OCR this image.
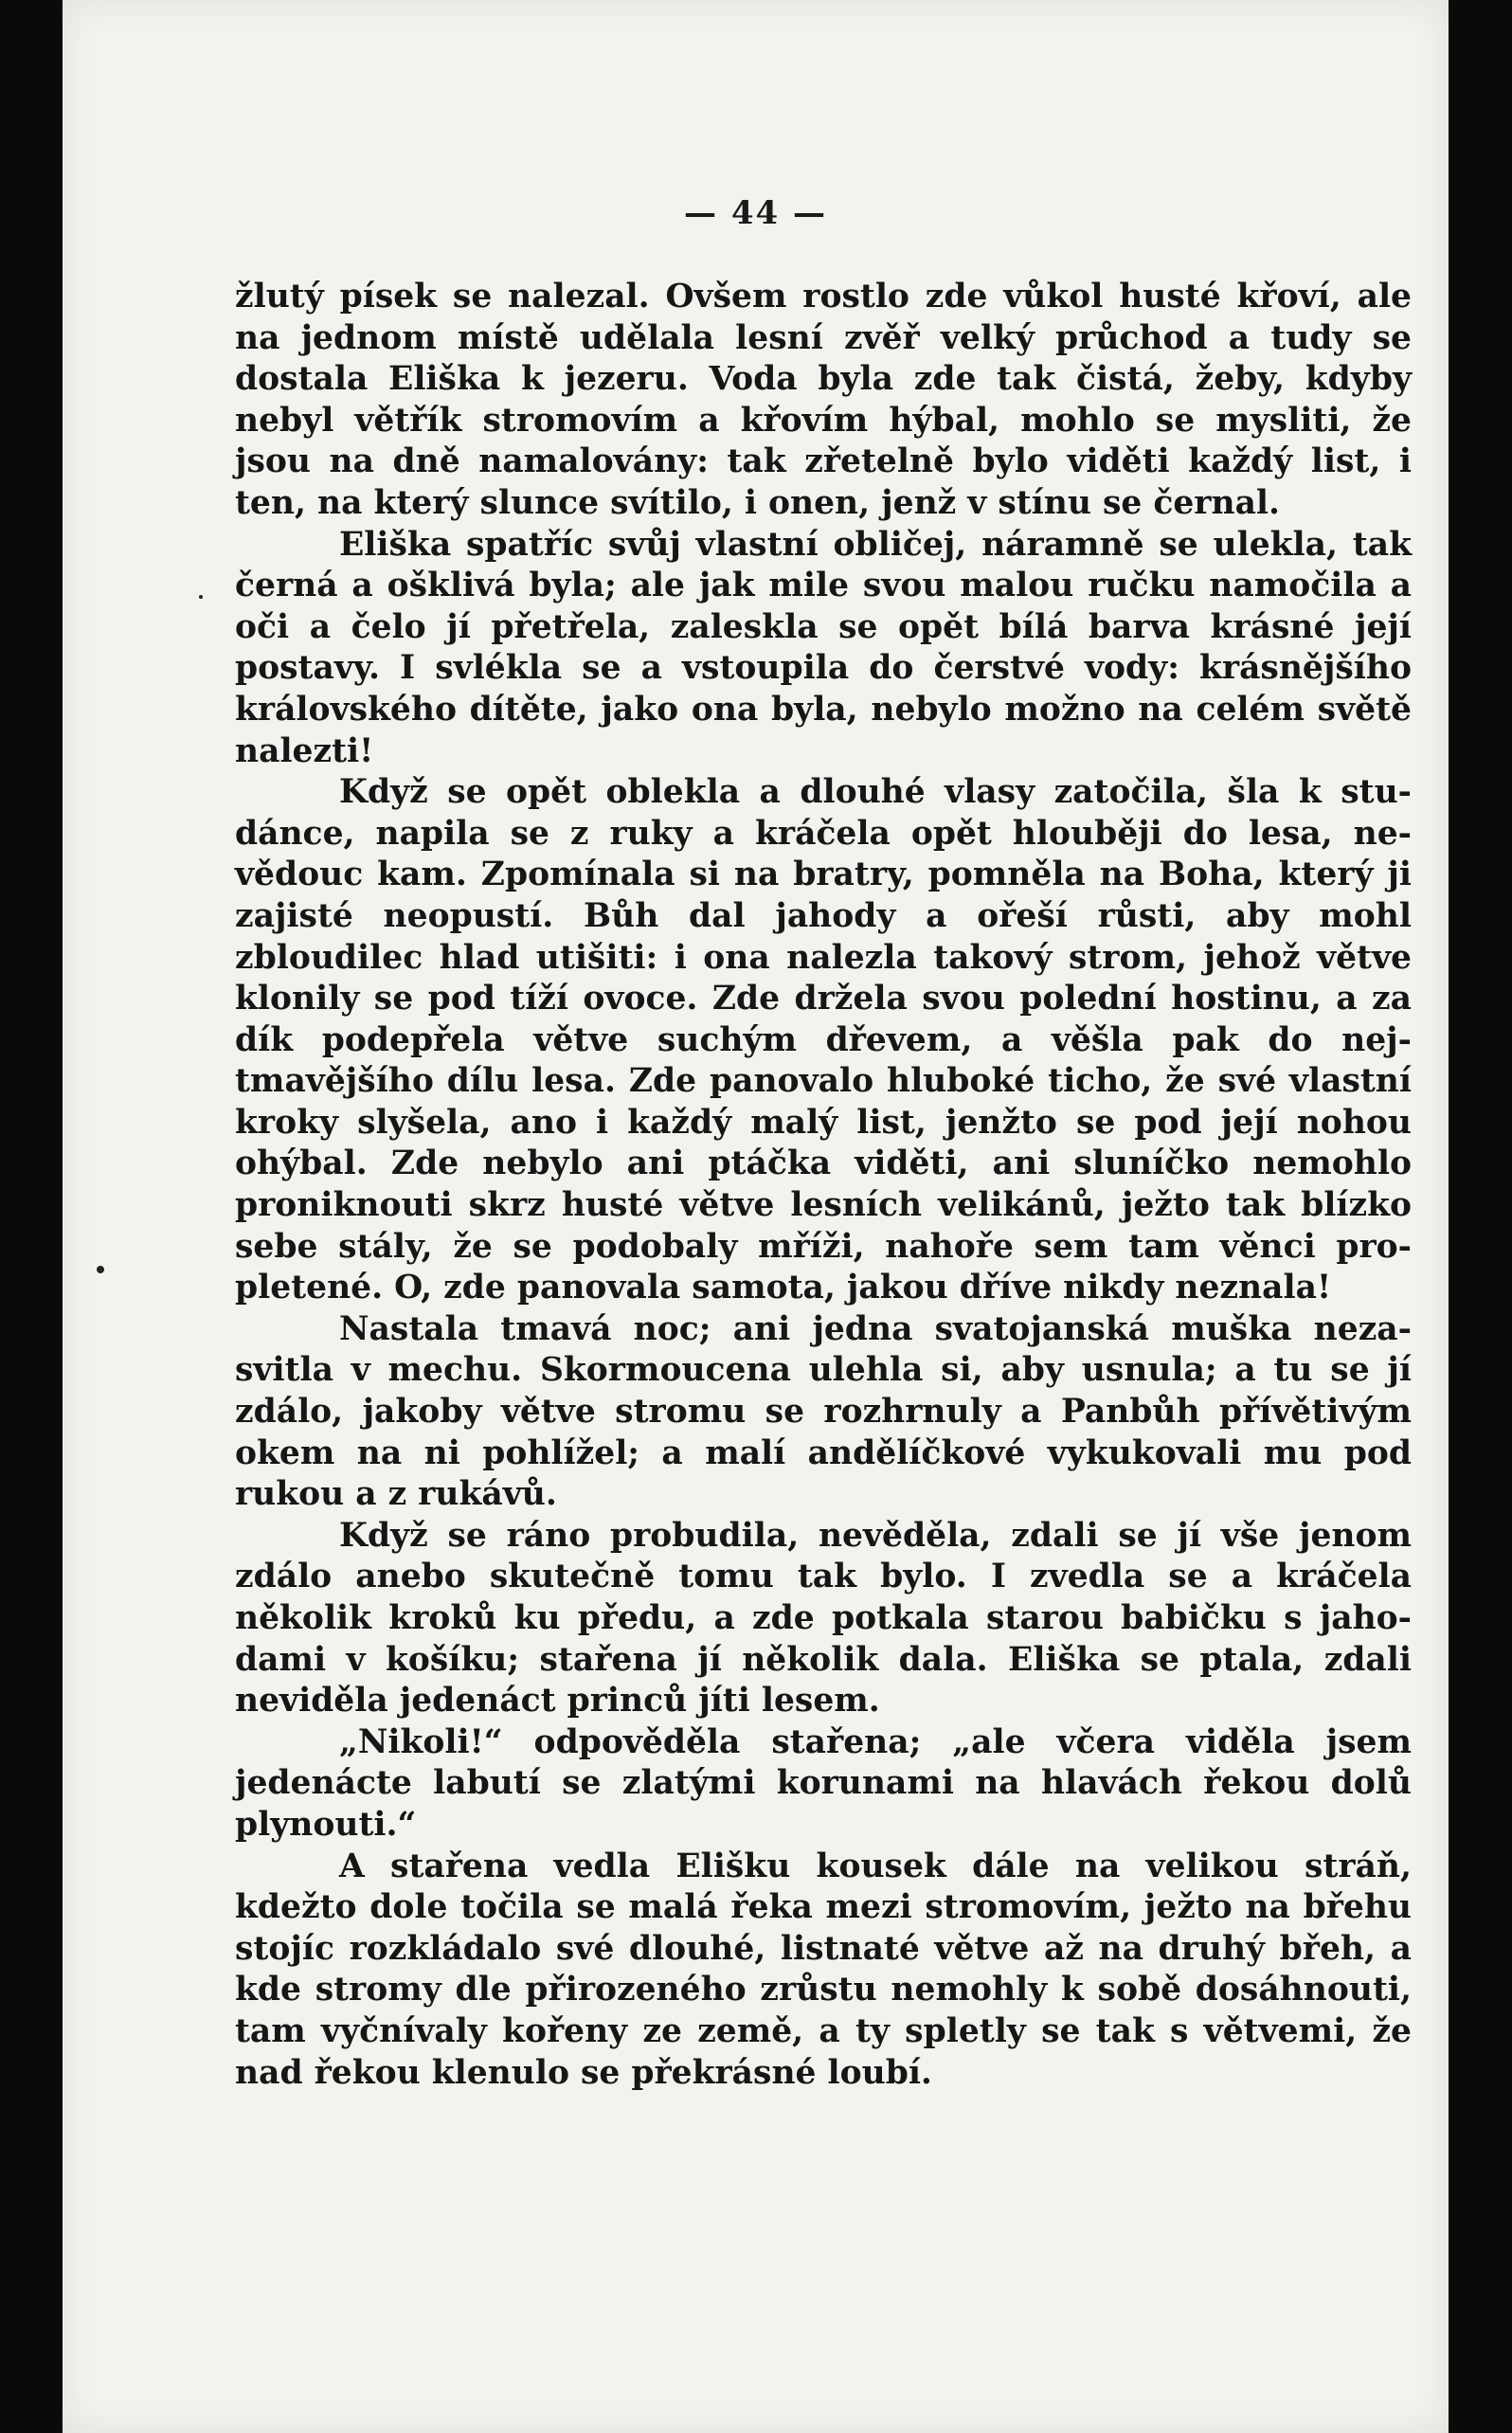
— 44 —

žlutý písek se nalezal. Ovšem rostlo zde vůkol husté křoví, ale na jednom místě udělala lesní zvěř velký průchod a tudy se dostala Eliška k jezeru. Voda byla zde tak čistá, žeby, kdyby nebyl větřík stromovím a křovím hýbal, mohlo se mysliti, že jsou na dně namalovány: tak zřetelně bylo viděti každý list, i ten, na který slunce svítilo, i onen, jenž v stínu se černal.

Eliška spatříc svůj vlastní obličej, náramně se ulekla, tak černá a ošklivá byla; ale jak mile svou malou ručku namočila a oči a čelo jí přetřela, zaleskla se opět bílá barva krásné její postavy. I svlékla se a vstoupila do čerstvé vody: krásnějšího královského dítěte, jako ona byla, nebylo možno na celém světě nalezti!

Když se opět oblekla a dlouhé vlasy zatočila, šla k studánce, napila se z ruky a kráčela opět hlouběji do lesa, nevědouc kam. Zpomínala si na bratry, pomněla na Boha, který ji zajisté neopustí. Bůh dal jahody a ořeší růsti, aby mohl zbloudilec hlad utišiti: i ona nalezla takový strom, jehož větve klonily se pod tíží ovoce. Zde držela svou polední hostinu, a za dík podepřela větve suchým dřevem, a věšla pak do nejtmavějšího dílu lesa. Zde panovalo hluboké ticho, že své vlastní kroky slyšela, ano i každý malý list, jenžto se pod její nohou ohýbal. Zde nebylo ani ptáčka viděti, ani sluníčko nemohlo proniknouti skrz husté větve lesních velikánů, ježto tak blízko sebe stály, že se podobaly mříži, nahoře sem tam věnci propletené. O, zde panovala samota, jakou dříve nikdy neznala!

Nastala tmavá noc; ani jedna svatojanská muška nezasvitla v mechu. Skormoucena ulehla si, aby usnula; a tu se jí zdálo, jakoby větve stromu se rozhrnuly a Panbůh přívětivým okem na ni pohlížel; a malí andělíčkové vykukovali mu pod rukou a z rukávů.

Když se ráno probudila, nevěděla, zdali se jí vše jenom zdálo anebo skutečně tomu tak bylo. I zvedla se a kráčela několik kroků ku předu, a zde potkala starou babičku s jahodami v košíku; stařena jí několik dala. Eliška se ptala, zdali neviděla jedenáct princů jíti lesem.

„Nikoli!“ odpověděla stařena; „ale včera viděla jsem jedenácte labutí se zlatými korunami na hlavách řekou dolů plynouti.“

A stařena vedla Elišku kousek dále na velikou stráň, kdežto dole točila se malá řeka mezi stromovím, ježto na břehu stojíc rozkládalo své dlouhé, listnaté větve až na druhý břeh, a kde stromy dle přirozeného zrůstu nemohly k sobě dosáhnouti, tam vyčnívaly kořeny ze země, a ty spletly se tak s větvemi, že nad řekou klenulo se překrásné loubí.
